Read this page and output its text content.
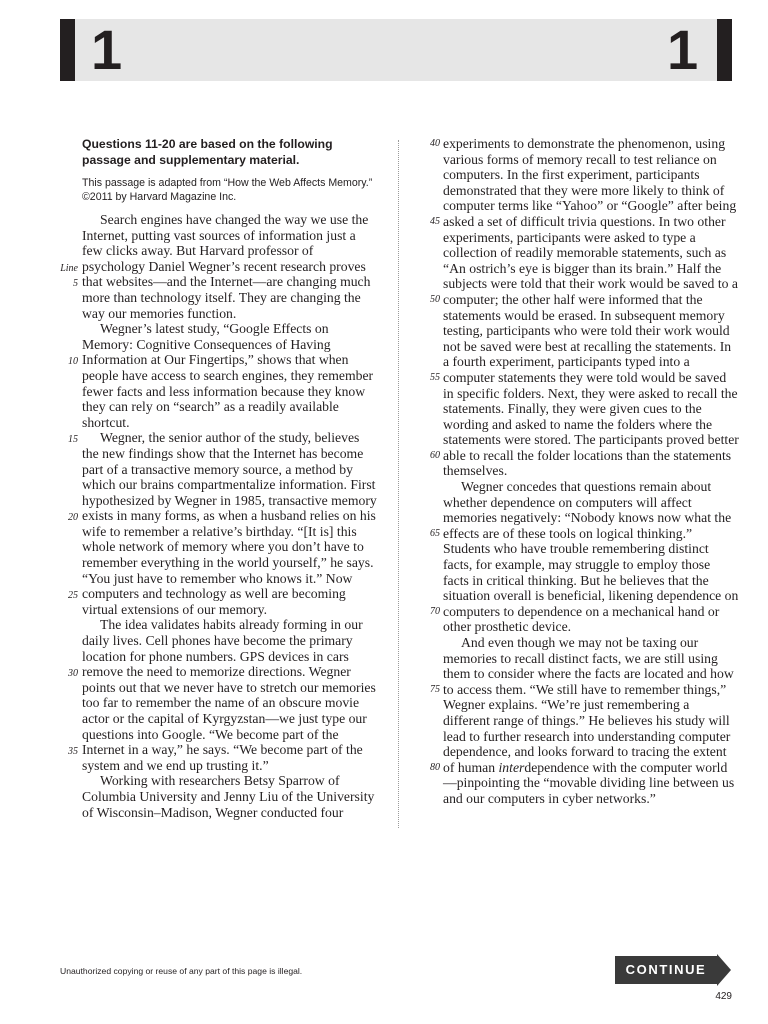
1	1
Questions 11-20 are based on the following passage and supplementary material.
This passage is adapted from “How the Web Affects Memory.” ©2011 by Harvard Magazine Inc.

Search engines have changed the way we use the Internet, putting vast sources of information just a few clicks away. But Harvard professor of psychology Daniel Wegner’s recent research proves that websites—and the Internet—are changing much more than technology itself. They are changing the way our memories function.

Wegner’s latest study, “Google Effects on Memory: Cognitive Consequences of Having Information at Our Fingertips,” shows that when people have access to search engines, they remember fewer facts and less information because they know they can rely on “search” as a readily available shortcut.

Wegner, the senior author of the study, believes the new findings show that the Internet has become part of a transactive memory source, a method by which our brains compartmentalize information. First hypothesized by Wegner in 1985, transactive memory exists in many forms, as when a husband relies on his wife to remember a relative’s birthday. “[It is] this whole network of memory where you don’t have to remember everything in the world yourself,” he says. “You just have to remember who knows it.” Now computers and technology as well are becoming virtual extensions of our memory.

The idea validates habits already forming in our daily lives. Cell phones have become the primary location for phone numbers. GPS devices in cars remove the need to memorize directions. Wegner points out that we never have to stretch our memories too far to remember the name of an obscure movie actor or the capital of Kyrgyzstan—we just type our questions into Google. “We become part of the Internet in a way,” he says. “We become part of the system and we end up trusting it.”

Working with researchers Betsy Sparrow of Columbia University and Jenny Liu of the University of Wisconsin–Madison, Wegner conducted four

experiments to demonstrate the phenomenon, using various forms of memory recall to test reliance on computers. In the first experiment, participants demonstrated that they were more likely to think of computer terms like “Yahoo” or “Google” after being asked a set of difficult trivia questions. In two other experiments, participants were asked to type a collection of readily memorable statements, such as “An ostrich’s eye is bigger than its brain.” Half the subjects were told that their work would be saved to a computer; the other half were informed that the statements would be erased. In subsequent memory testing, participants who were told their work would not be saved were best at recalling the statements. In a fourth experiment, participants typed into a computer statements they were told would be saved in specific folders. Next, they were asked to recall the statements. Finally, they were given cues to the wording and asked to name the folders where the statements were stored. The participants proved better able to recall the folder locations than the statements themselves.

Wegner concedes that questions remain about whether dependence on computers will affect memories negatively: “Nobody knows now what the effects are of these tools on logical thinking.” Students who have trouble remembering distinct facts, for example, may struggle to employ those facts in critical thinking. But he believes that the situation overall is beneficial, likening dependence on computers to dependence on a mechanical hand or other prosthetic device.

And even though we may not be taxing our memories to recall distinct facts, we are still using them to consider where the facts are located and how to access them. “We still have to remember things,” Wegner explains. “We’re just remembering a different range of things.” He believes his study will lead to further research into understanding computer dependence, and looks forward to tracing the extent of human interdependence with the computer world—pinpointing the “movable dividing line between us and our computers in cyber networks.”

Line
5
10
15
20
25
30
35
40
45
50
55
60
65
70
75
80
Unauthorized copying or reuse of any part of this page is illegal.	CONTINUE
429
